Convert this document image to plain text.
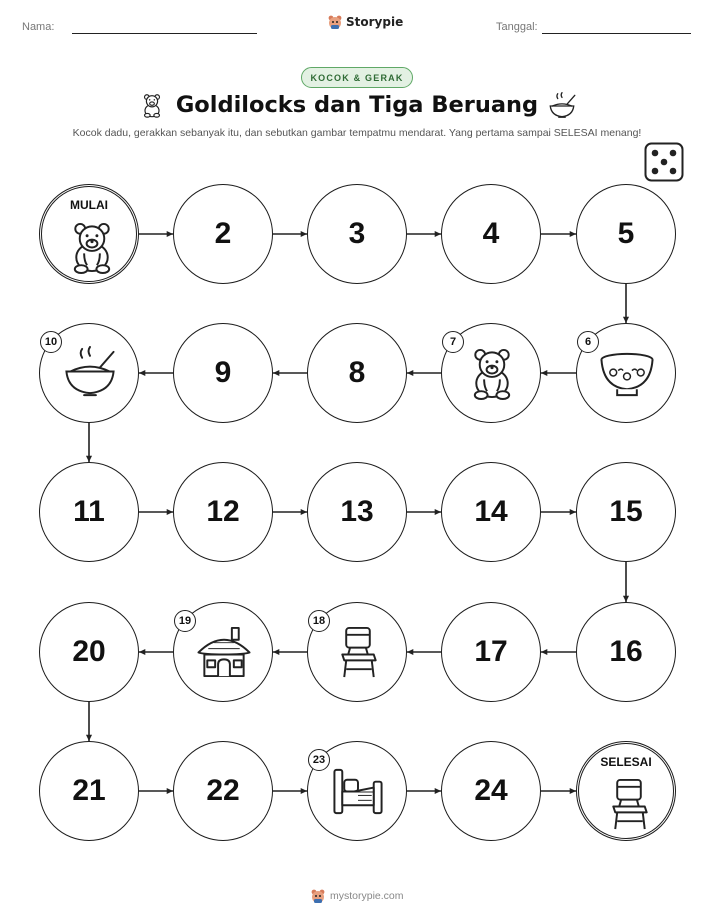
Nama:	Storypie	Tanggal:
KOCOK & GERAK
Goldilocks dan Tiga Beruang
Kocok dadu, gerakkan sebanyak itu, dan sebutkan gambar tempatmu mendarat. Yang pertama sampai SELESAI menang!
SELESAI
24
22
21
20	17	16
15
14
13
12
11
9	8
5
4
3
2
MULAI
6
7
10
18
19
23
mystorypie.com
